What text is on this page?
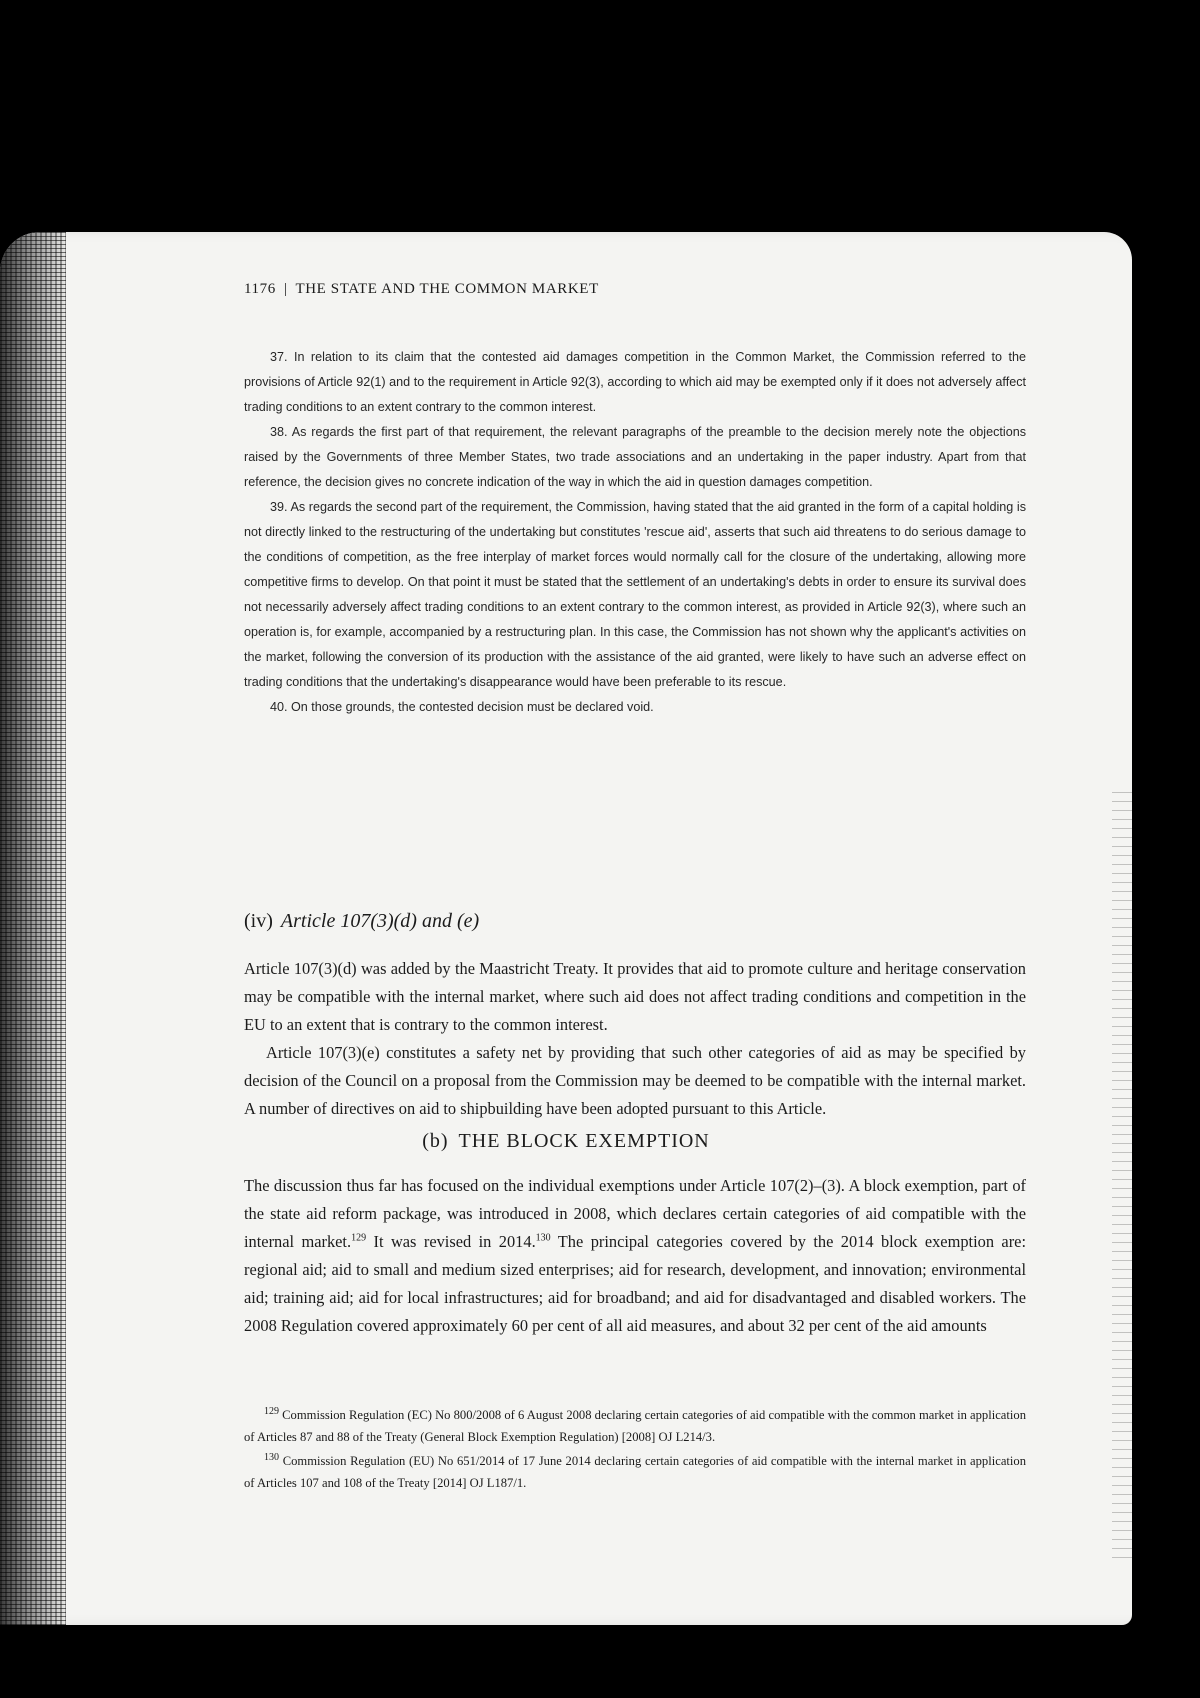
1176 | THE STATE AND THE COMMON MARKET

37. In relation to its claim that the contested aid damages competition in the Common Market, the Commission referred to the provisions of Article 92(1) and to the requirement in Article 92(3), according to which aid may be exempted only if it does not adversely affect trading conditions to an extent contrary to the common interest.

38. As regards the first part of that requirement, the relevant paragraphs of the preamble to the decision merely note the objections raised by the Governments of three Member States, two trade associations and an undertaking in the paper industry. Apart from that reference, the decision gives no concrete indication of the way in which the aid in question damages competition.

39. As regards the second part of the requirement, the Commission, having stated that the aid granted in the form of a capital holding is not directly linked to the restructuring of the undertaking but constitutes 'rescue aid', asserts that such aid threatens to do serious damage to the conditions of competition, as the free interplay of market forces would normally call for the closure of the undertaking, allowing more competitive firms to develop. On that point it must be stated that the settlement of an undertaking's debts in order to ensure its survival does not necessarily adversely affect trading conditions to an extent contrary to the common interest, as provided in Article 92(3), where such an operation is, for example, accompanied by a restructuring plan. In this case, the Commission has not shown why the applicant's activities on the market, following the conversion of its production with the assistance of the aid granted, were likely to have such an adverse effect on trading conditions that the undertaking's disappearance would have been preferable to its rescue.

40. On those grounds, the contested decision must be declared void.

(iv) Article 107(3)(d) and (e)

Article 107(3)(d) was added by the Maastricht Treaty. It provides that aid to promote culture and heritage conservation may be compatible with the internal market, where such aid does not affect trading conditions and competition in the EU to an extent that is contrary to the common interest.

Article 107(3)(e) constitutes a safety net by providing that such other categories of aid as may be specified by decision of the Council on a proposal from the Commission may be deemed to be compatible with the internal market. A number of directives on aid to shipbuilding have been adopted pursuant to this Article.

(b) THE BLOCK EXEMPTION

The discussion thus far has focused on the individual exemptions under Article 107(2)–(3). A block exemption, part of the state aid reform package, was introduced in 2008, which declares certain categories of aid compatible with the internal market.$^{129}$ It was revised in 2014.$^{130}$ The principal categories covered by the 2014 block exemption are: regional aid; aid to small and medium sized enterprises; aid for research, development, and innovation; environmental aid; training aid; aid for local infrastructures; aid for broadband; and aid for disadvantaged and disabled workers. The 2008 Regulation covered approximately 60 per cent of all aid measures, and about 32 per cent of the aid amounts

$^{129}$ Commission Regulation (EC) No 800/2008 of 6 August 2008 declaring certain categories of aid compatible with the common market in application of Articles 87 and 88 of the Treaty (General Block Exemption Regulation) [2008] OJ L214/3.

$^{130}$ Commission Regulation (EU) No 651/2014 of 17 June 2014 declaring certain categories of aid compatible with the internal market in application of Articles 107 and 108 of the Treaty [2014] OJ L187/1.
